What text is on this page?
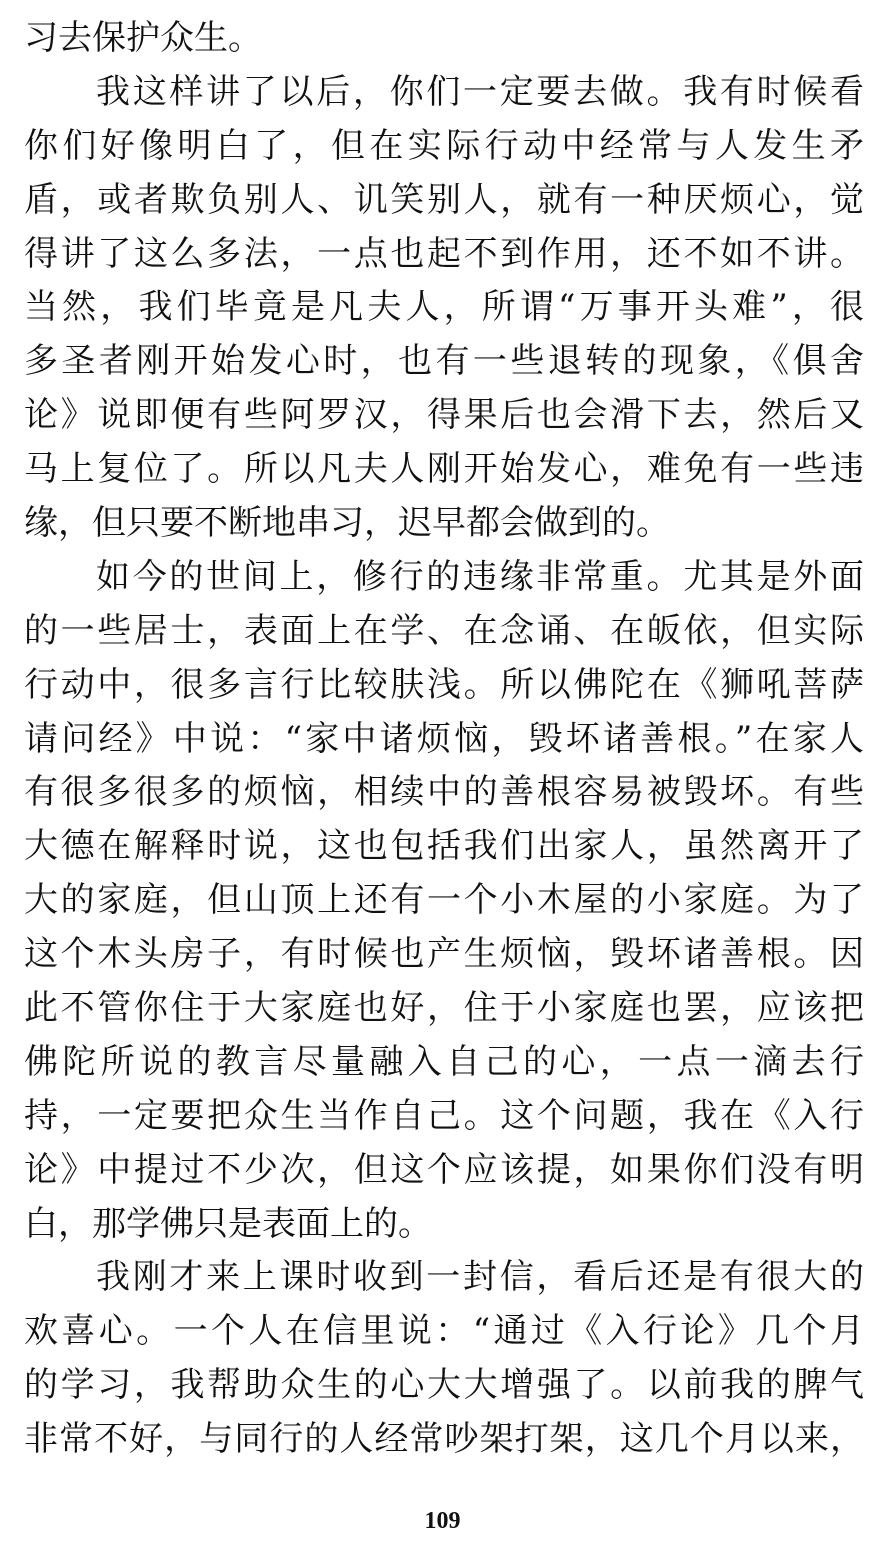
习去保护众生。
我这样讲了以后，你们一定要去做。我有时候看
你们好像明白了，但在实际行动中经常与人发生矛
盾，或者欺负别人、讥笑别人，就有一种厌烦心，觉
得讲了这么多法，一点也起不到作用，还不如不讲。
当然，我们毕竟是凡夫人，所谓“万事开头难”，很
多圣者刚开始发心时，也有一些退转的现象，《俱舍
论》说即便有些阿罗汉，得果后也会滑下去，然后又
马上复位了。所以凡夫人刚开始发心，难免有一些违
缘，但只要不断地串习，迟早都会做到的。
如今的世间上，修行的违缘非常重。尤其是外面
的一些居士，表面上在学、在念诵、在皈依，但实际
行动中，很多言行比较肤浅。所以佛陀在《狮吼菩萨
请问经》中说：“家中诸烦恼，毁坏诸善根。”在家人
有很多很多的烦恼，相续中的善根容易被毁坏。有些
大德在解释时说，这也包括我们出家人，虽然离开了
大的家庭，但山顶上还有一个小木屋的小家庭。为了
这个木头房子，有时候也产生烦恼，毁坏诸善根。因
此不管你住于大家庭也好，住于小家庭也罢，应该把
佛陀所说的教言尽量融入自己的心，一点一滴去行
持，一定要把众生当作自己。这个问题，我在《入行
论》中提过不少次，但这个应该提，如果你们没有明
白，那学佛只是表面上的。
我刚才来上课时收到一封信，看后还是有很大的
欢喜心。一个人在信里说：“通过《入行论》几个月
的学习，我帮助众生的心大大增强了。以前我的脾气
非常不好，与同行的人经常吵架打架，这几个月以来，
109
